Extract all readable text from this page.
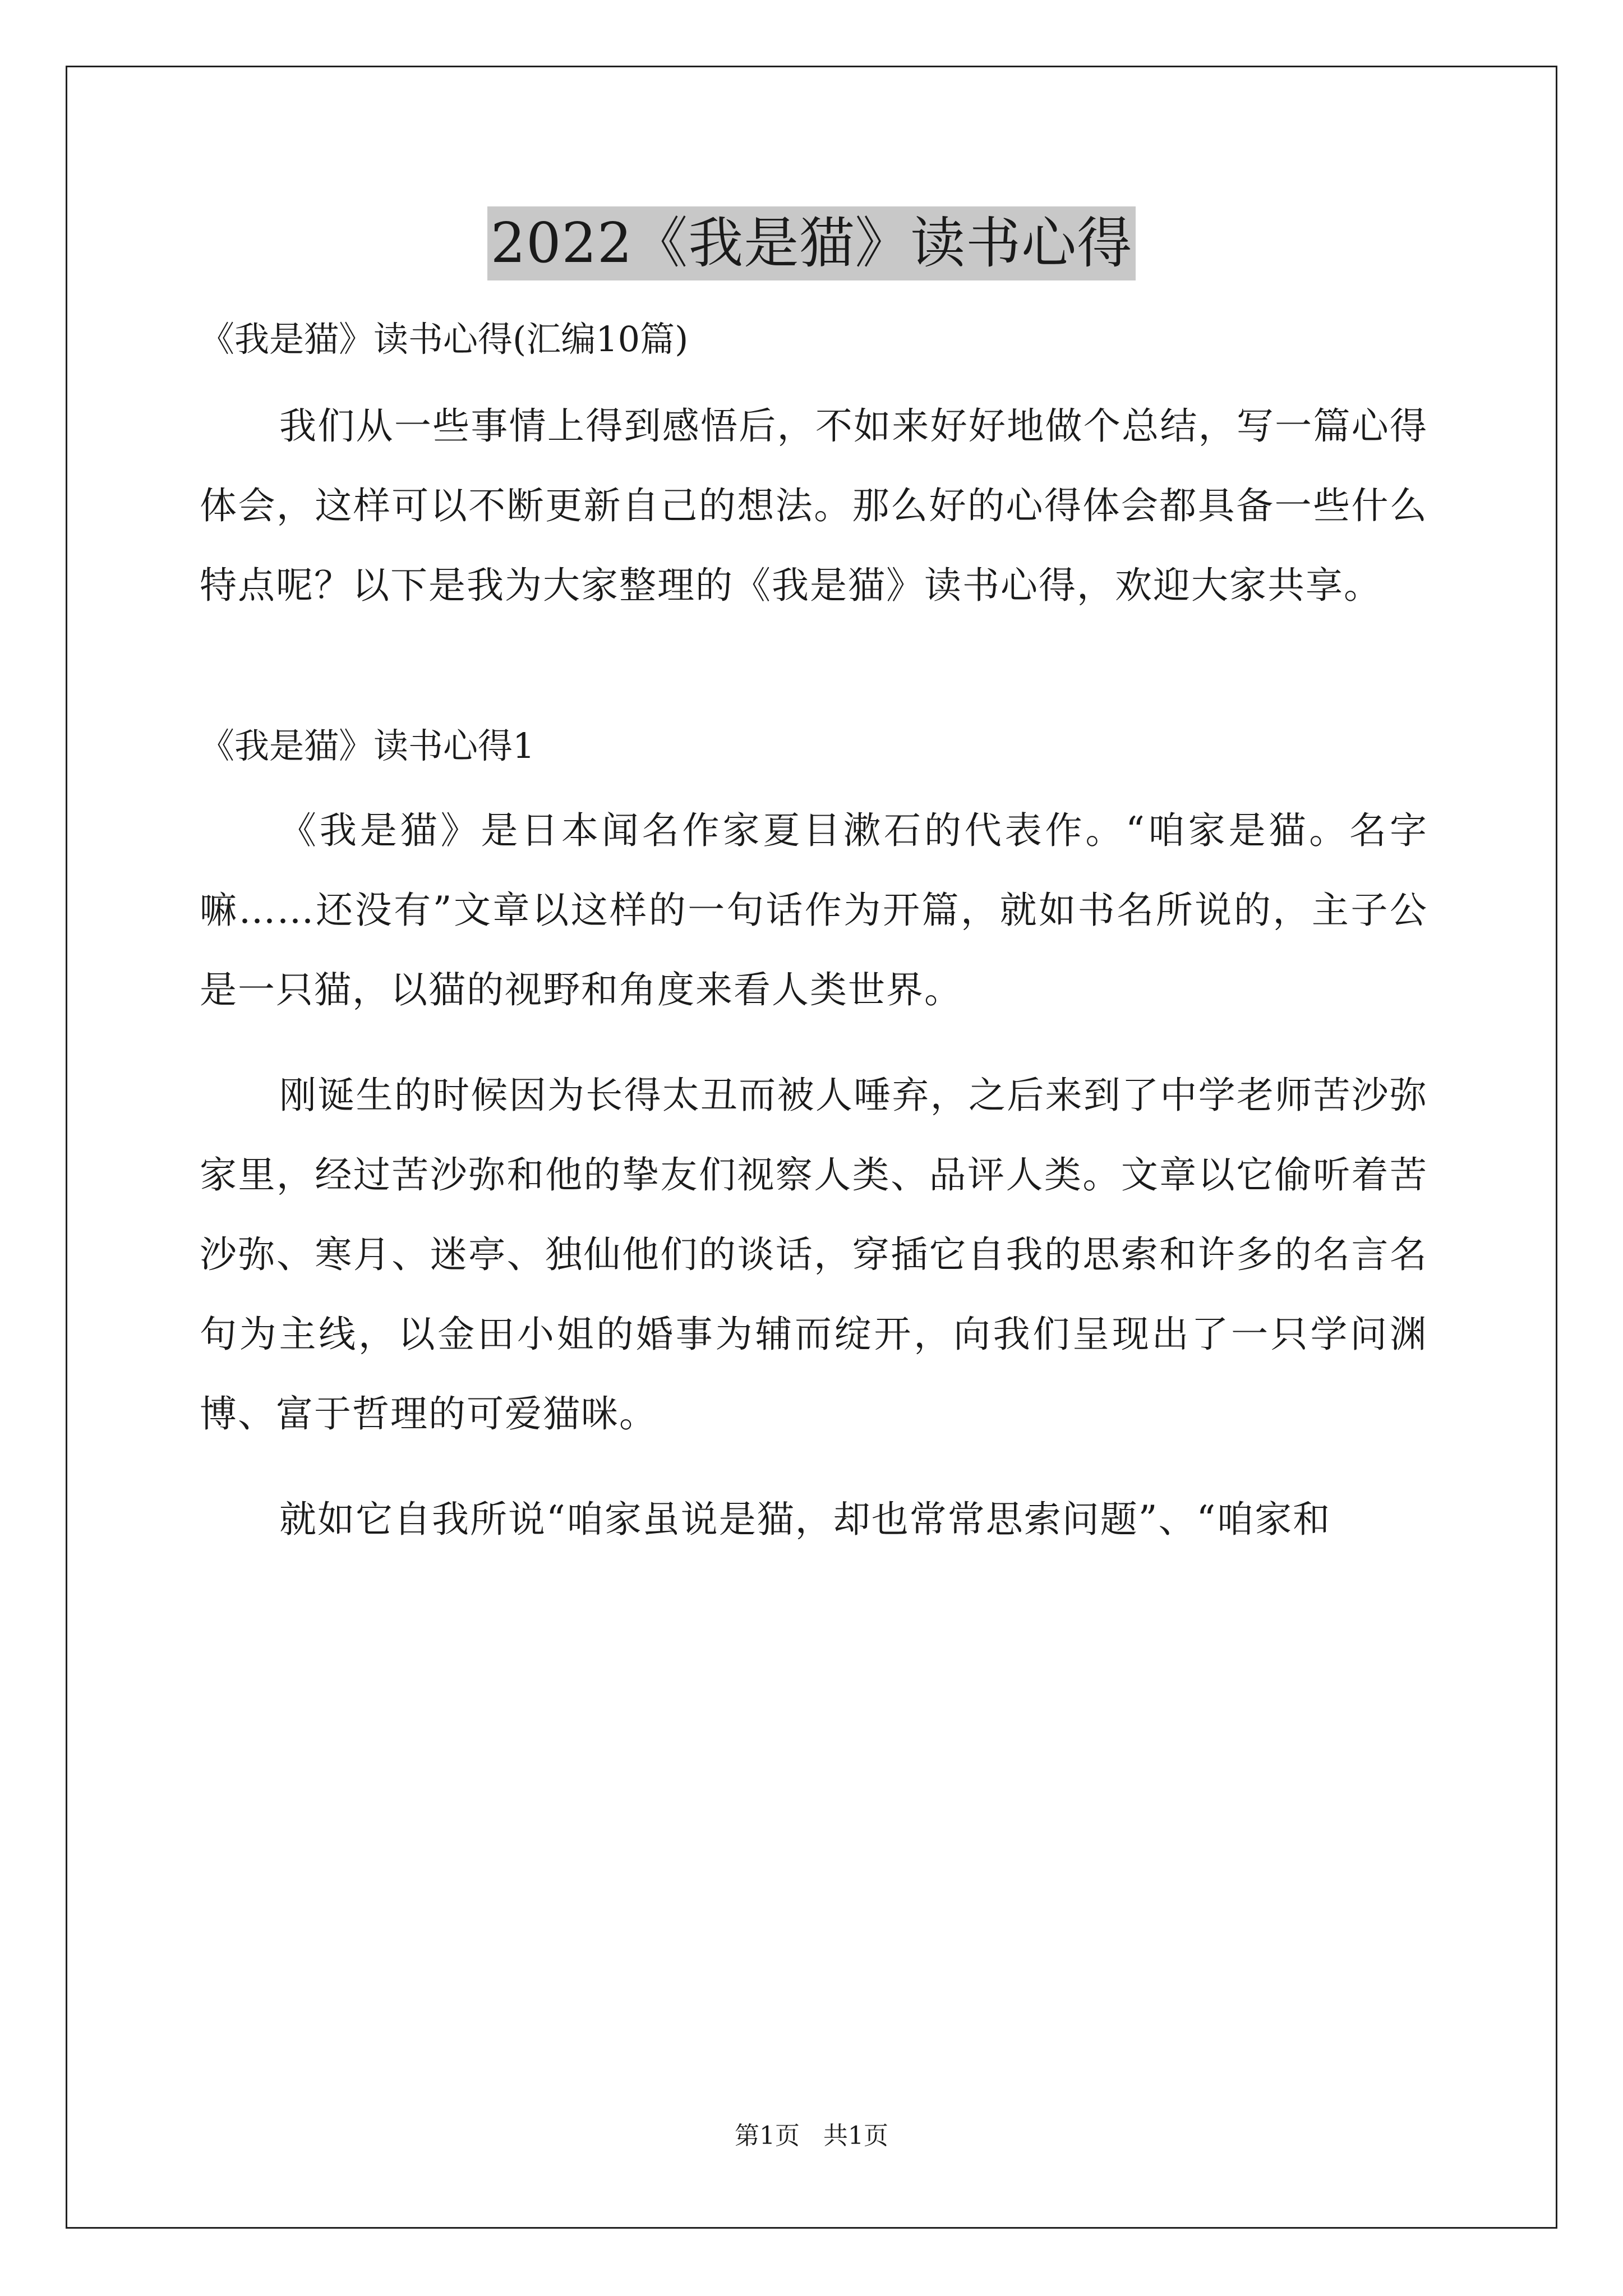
2022《我是猫》读书心得
《我是猫》读书心得(汇编10篇)

我们从一些事情上得到感悟后，不如来好好地做个总结，写一篇心得体会，这样可以不断更新自己的想法。那么好的心得体会都具备一些什么特点呢？以下是我为大家整理的《我是猫》读书心得，欢迎大家共享。

《我是猫》读书心得1

《我是猫》是日本闻名作家夏目漱石的代表作。“咱家是猫。名字嘛……还没有”文章以这样的一句话作为开篇，就如书名所说的，主子公是一只猫，以猫的视野和角度来看人类世界。

刚诞生的时候因为长得太丑而被人唾弃，之后来到了中学老师苦沙弥家里，经过苦沙弥和他的挚友们视察人类、品评人类。文章以它偷听着苦沙弥、寒月、迷亭、独仙他们的谈话，穿插它自我的思索和许多的名言名句为主线，以金田小姐的婚事为辅而绽开，向我们呈现出了一只学问渊博、富于哲理的可爱猫咪。

就如它自我所说“咱家虽说是猫，却也常常思索问题”、“咱家和

第1页   共1页
